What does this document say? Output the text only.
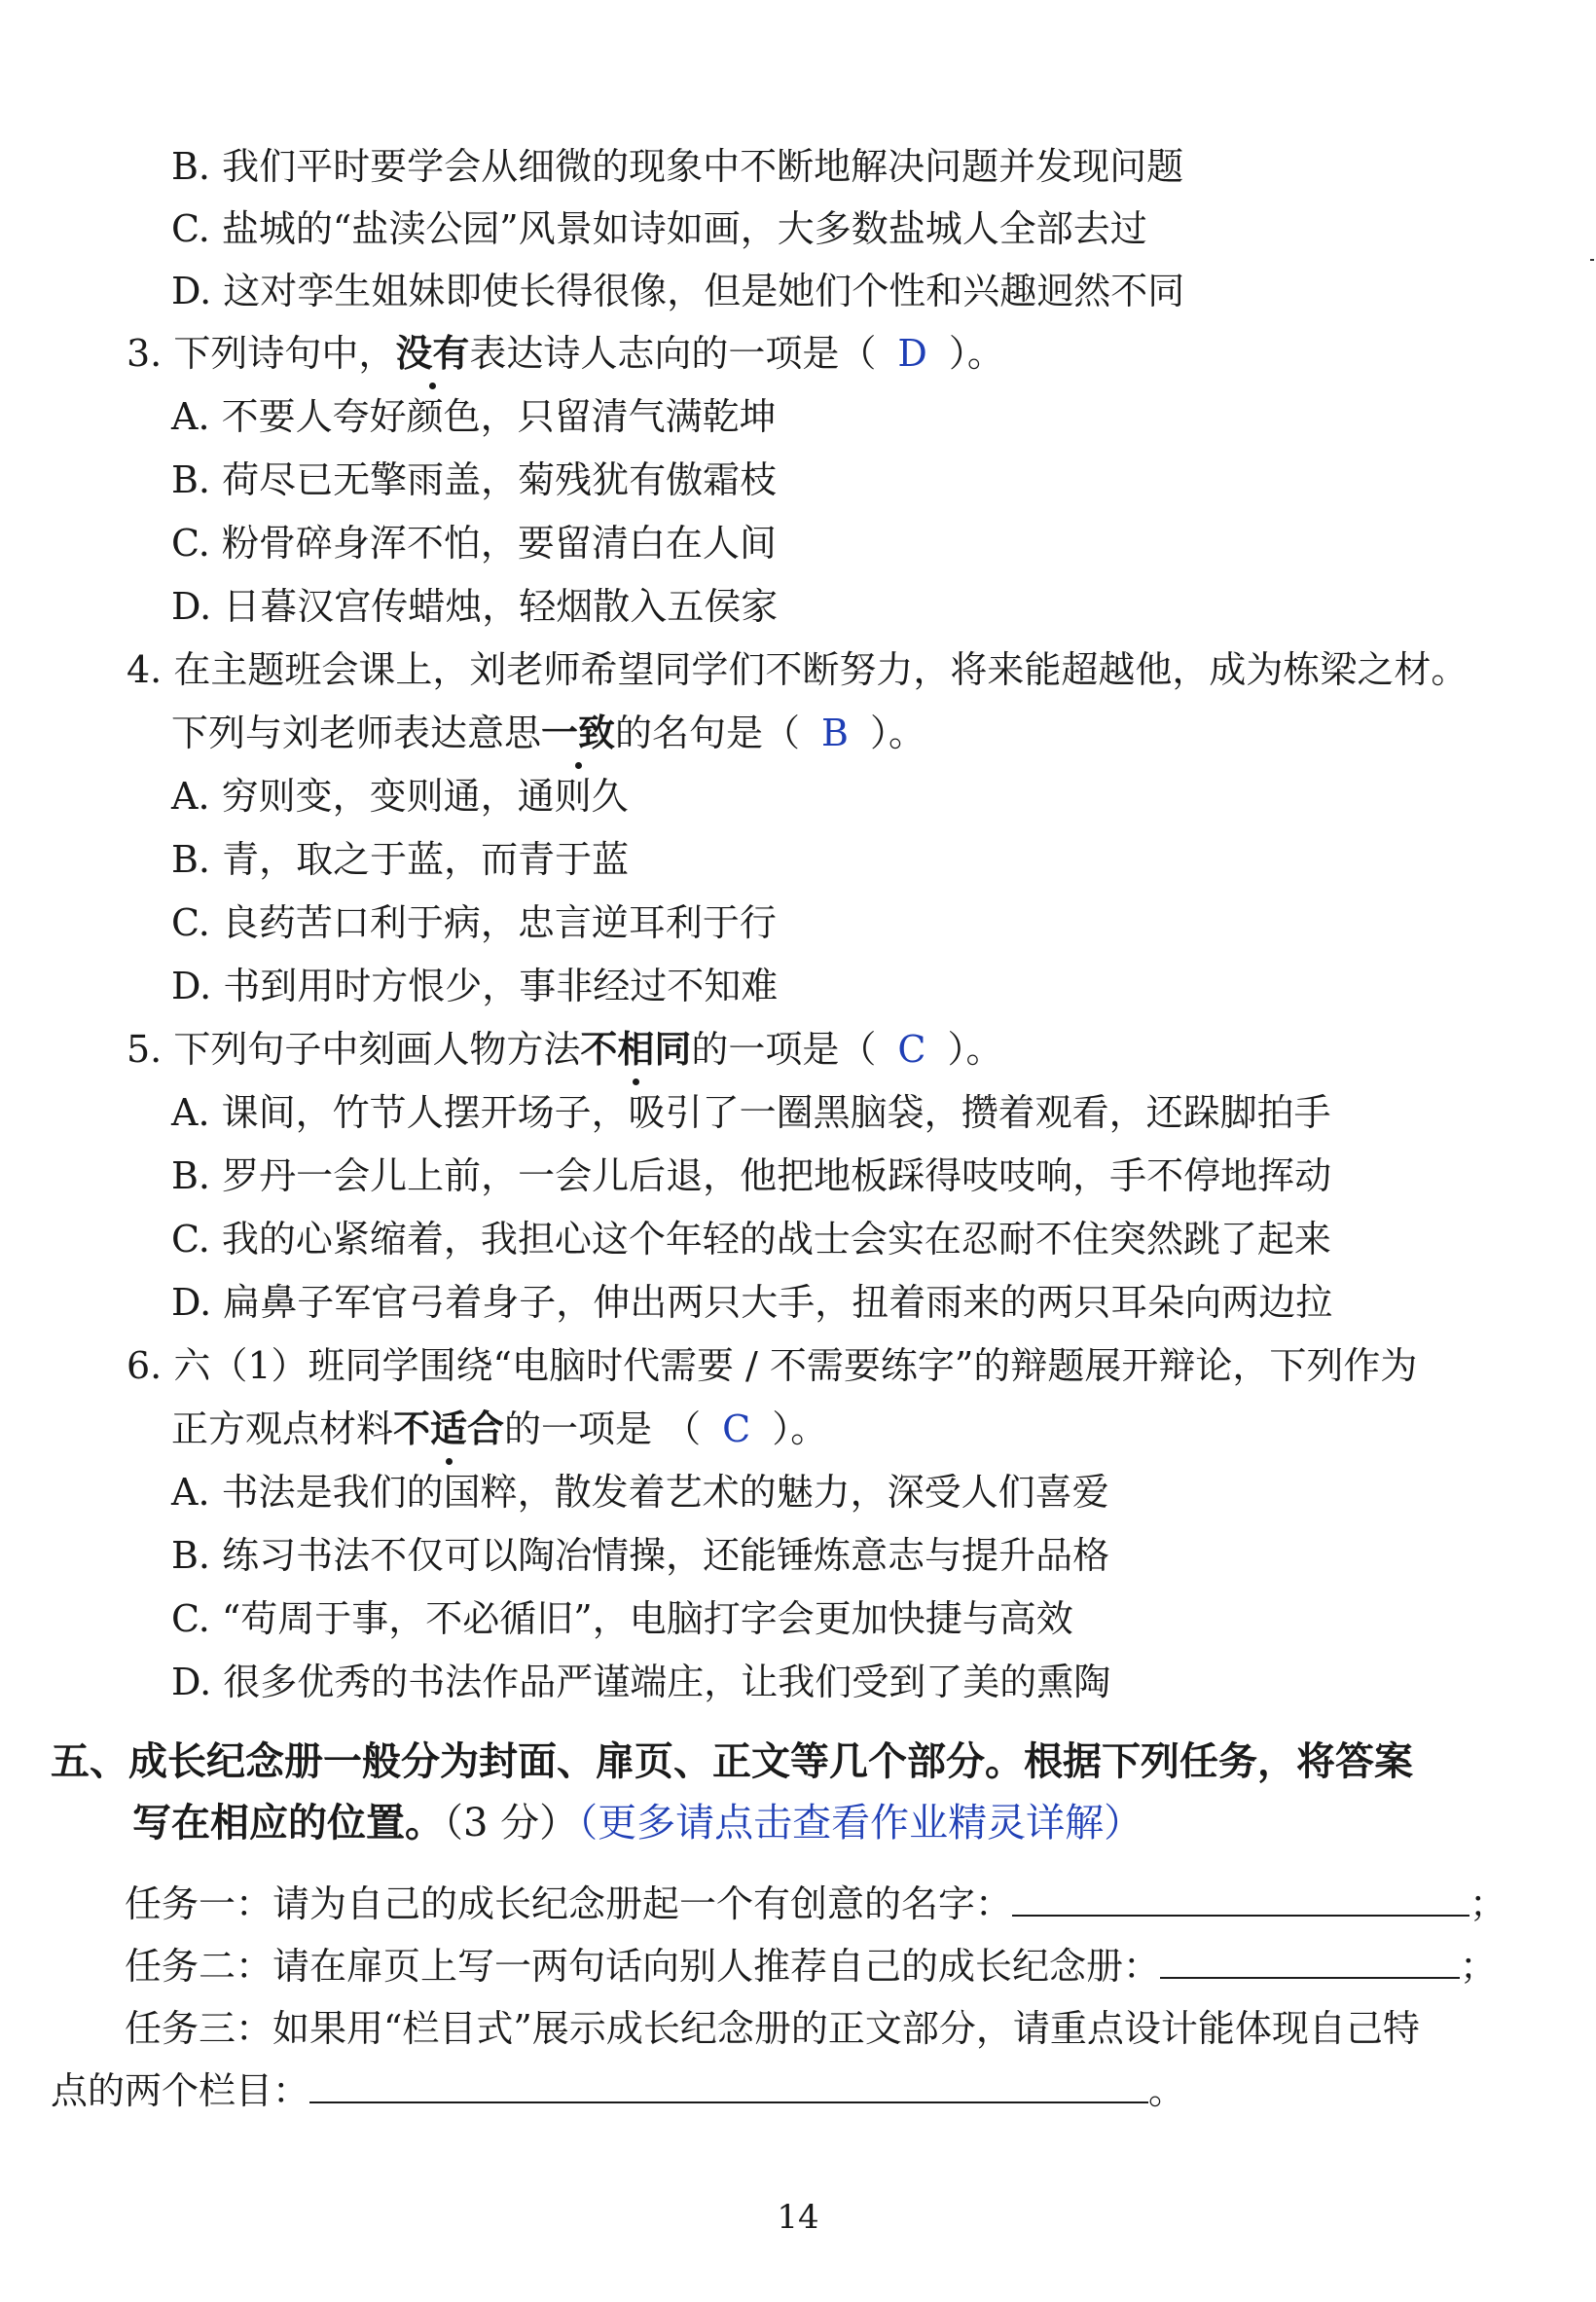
B. 我们平时要学会从细微的现象中不断地解决问题并发现问题
C. 盐城的“盐渎公园”风景如诗如画，大多数盐城人全部去过
D. 这对孪生姐妹即使长得很像，但是她们个性和兴趣迥然不同
3. 下列诗句中，没有表达诗人志向的一项是（ D ）。
A. 不要人夸好颜色，只留清气满乾坤
B. 荷尽已无擎雨盖，菊残犹有傲霜枝
C. 粉骨碎身浑不怕，要留清白在人间
D. 日暮汉宫传蜡烛，轻烟散入五侯家
4. 在主题班会课上，刘老师希望同学们不断努力，将来能超越他，成为栋梁之材。
下列与刘老师表达意思一致的名句是（ B ）。
A. 穷则变，变则通，通则久
B. 青，取之于蓝，而青于蓝
C. 良药苦口利于病，忠言逆耳利于行
D. 书到用时方恨少，事非经过不知难
5. 下列句子中刻画人物方法不相同的一项是（ C ）。
A. 课间，竹节人摆开场子，吸引了一圈黑脑袋，攒着观看，还跺脚拍手
B. 罗丹一会儿上前，一会儿后退，他把地板踩得吱吱响，手不停地挥动
C. 我的心紧缩着，我担心这个年轻的战士会实在忍耐不住突然跳了起来
D. 扁鼻子军官弓着身子，伸出两只大手，扭着雨来的两只耳朵向两边拉
6. 六（1）班同学围绕“电脑时代需要 / 不需要练字”的辩题展开辩论，下列作为
正方观点材料不适合的一项是 （ C ）。
A. 书法是我们的国粹，散发着艺术的魅力，深受人们喜爱
B. 练习书法不仅可以陶冶情操，还能锤炼意志与提升品格
C. “苟周于事，不必循旧”，电脑打字会更加快捷与高效
D. 很多优秀的书法作品严谨端庄，让我们受到了美的熏陶
五、成长纪念册一般分为封面、扉页、正文等几个部分。根据下列任务，将答案
写在相应的位置。（3 分）（更多请点击查看作业精灵详解）
任务一：请为自己的成长纪念册起一个有创意的名字：	；
任务二：请在扉页上写一两句话向别人推荐自己的成长纪念册：	；
任务三：如果用“栏目式”展示成长纪念册的正文部分，请重点设计能体现自己特
点的两个栏目：	。
14
